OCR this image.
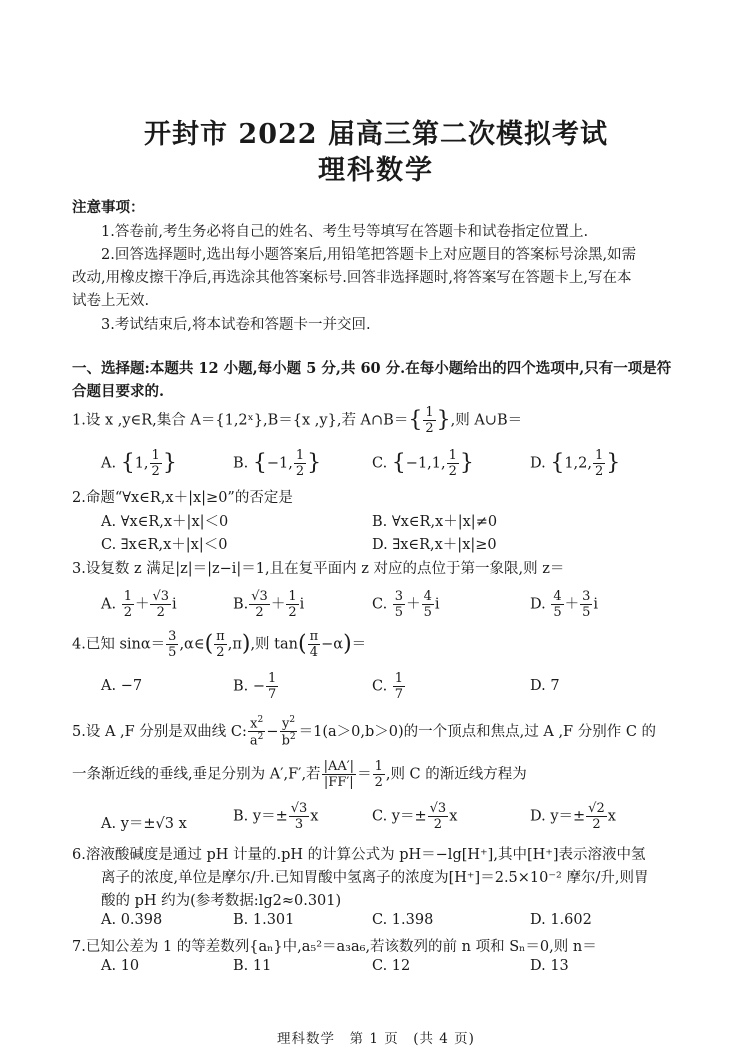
开封市 2022 届高三第二次模拟考试
理科数学
注意事项：
1.答卷前,考生务必将自己的姓名、考生号等填写在答题卡和试卷指定位置上.
2.回答选择题时,选出每小题答案后,用铅笔把答题卡上对应题目的答案标号涂黑,如需
改动,用橡皮擦干净后,再选涂其他答案标号.回答非选择题时,将答案写在答题卡上,写在本
试卷上无效.
3.考试结束后,将本试卷和答题卡一并交回.
一、选择题:本题共 12 小题,每小题 5 分,共 60 分.在每小题给出的四个选项中,只有一项是符
合题目要求的.
1.设 x ,y∈R,集合 A＝{1,2ˣ},B＝{x ,y},若 A∩B＝{ $\frac{1}{2}$ },则 A∪B＝
A. {1, $\frac{1}{2}$ }	B. {−1, $\frac{1}{2}$ }	C. {−1,1, $\frac{1}{2}$ }	D. {1,2, $\frac{1}{2}$ }
2.命题“∀x∈R,x＋|x|≥0”的否定是
A. ∀x∈R,x＋|x|＜0	B. ∀x∈R,x＋|x|≠0
C. ∃x∈R,x＋|x|＜0	D. ∃x∈R,x＋|x|≥0
3.设复数 z 满足|z|＝|z−i|＝1,且在复平面内 z 对应的点位于第一象限,则 z＝
A. $\frac{1}{2} + \frac{√3}{2}$ i	B. $\frac{√3}{2} + \frac{1}{2}$ i	C. $\frac{3}{5} + \frac{4}{5}$ i	D. $\frac{4}{5} + \frac{3}{5}$ i
4.已知 $\sin\alpha= \frac{3}{5}$ ,α∈( $\frac{\pi}{2} ,\pi$),则 $\tan( \frac{\pi}{4} -\alpha)=$
A. −7	B. − $\frac{1}{7}$	C. $\frac{1}{7}$	D. 7
5.设 A ,F 分别是双曲线 C: $\frac{x^2}{a^2} - \frac{y^2}{b^2} =1(a>0,b>0)$的一个顶点和焦点,过 A ,F 分别作 C 的
一条渐近线的垂线,垂足分别为 A′,F′,若 $\frac{|AA'|}{|FF'|} = \frac{1}{2}$ ,则 C 的渐近线方程为
A. y＝±√3 x	B. $y=\pm \frac{√3}{3}$ x	C. $y=\pm \frac{√3}{2}$ x	D. $y=\pm \frac{√2}{2}$ x
6.溶液酸碱度是通过 pH 计量的.pH 的计算公式为 pH＝−lg[H⁺],其中[H⁺]表示溶液中氢
离子的浓度,单位是摩尔/升.已知胃酸中氢离子的浓度为[H⁺]＝2.5×10⁻² 摩尔/升,则胃
酸的 pH 约为(参考数据:lg2≈0.301)
A. 0.398	B. 1.301	C. 1.398	D. 1.602
7.已知公差为 1 的等差数列{aₙ}中,a₅²＝a₃a₆,若该数列的前 n 项和 Sₙ＝0,则 n＝
A. 10	B. 11	C. 12	D. 13
理科数学　第 1 页　(共 4 页)
